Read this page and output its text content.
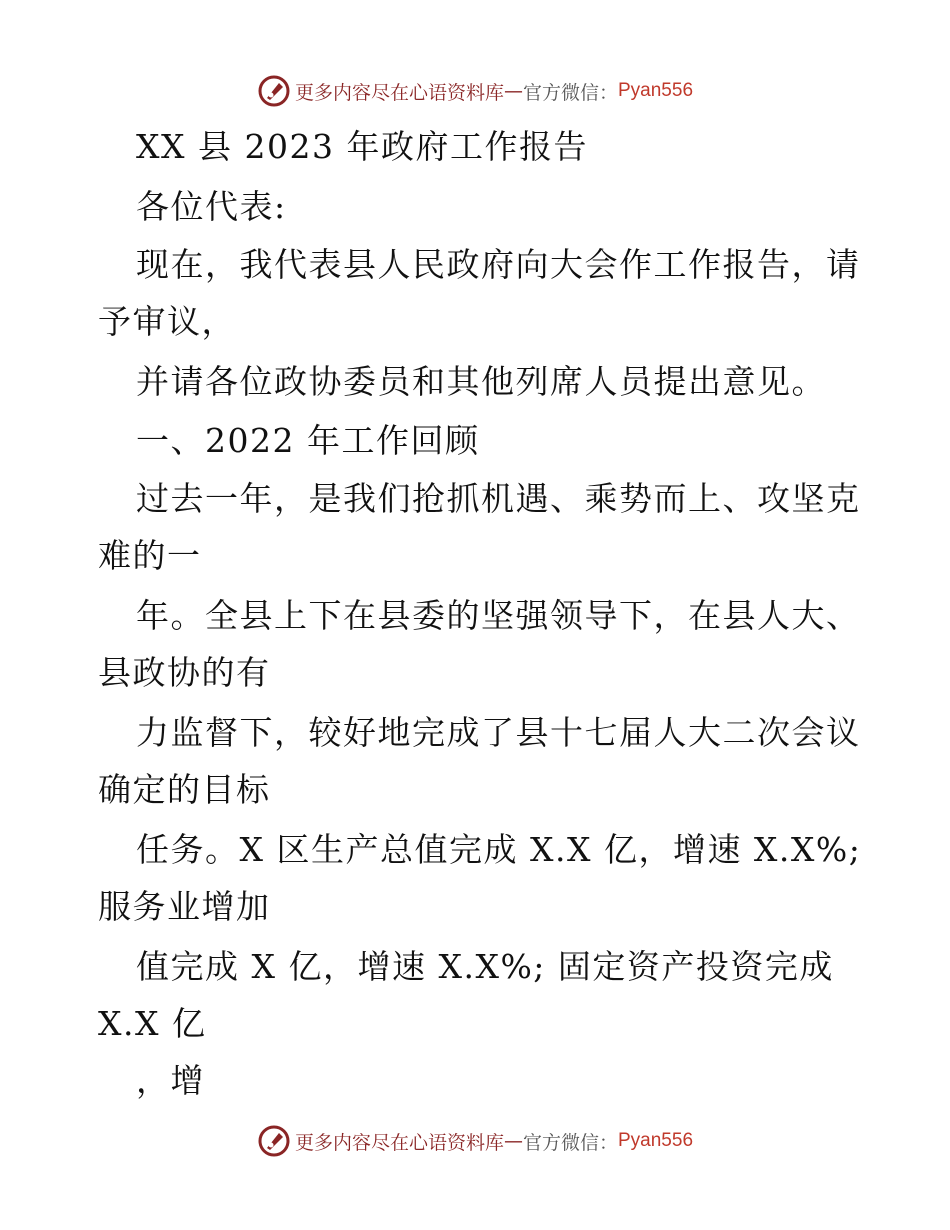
更多内容尽在心语资料库 — 官方微信： Pyan556
XX 县 2023 年政府工作报告
各位代表:
现在，我代表县人民政府向大会作工作报告，请
予审议，
并请各位政协委员和其他列席人员提出意见。
一、2022 年工作回顾
过去一年，是我们抢抓机遇、乘势而上、攻坚克
难的一
年。全县上下在县委的坚强领导下，在县人大、
县政协的有
力监督下，较好地完成了县十七届人大二次会议
确定的目标
任务。X 区生产总值完成 X.X 亿，增速 X.X%;
服务业增加
值完成 X 亿，增速 X.X%; 固定资产投资完成
X.X 亿
，增
更多内容尽在心语资料库 — 官方微信： Pyan556
